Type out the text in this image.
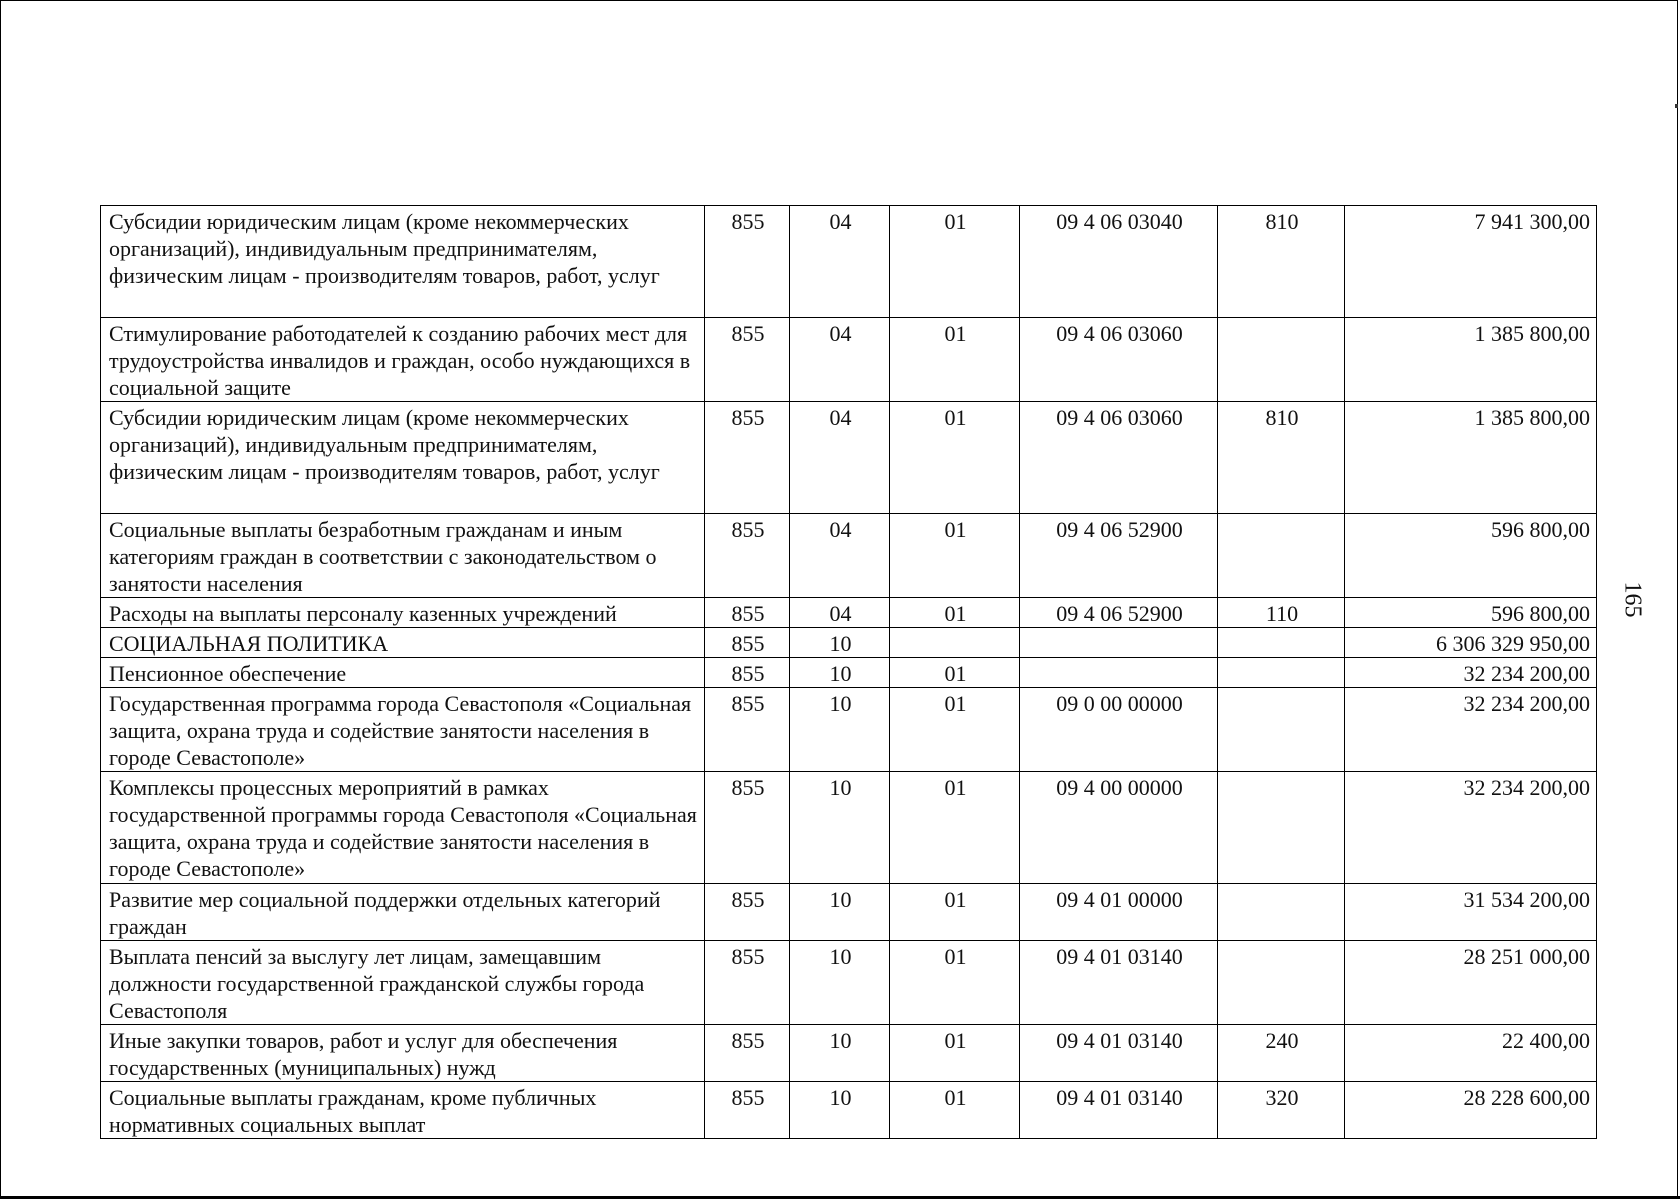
Субсидии юридическим лицам (кроме некоммерческих организаций), индивидуальным предпринимателям, физическим лицам - производителям товаров, работ, услуг	855	04	01	09 4 06 03040	810	7 941 300,00
Стимулирование работодателей к созданию рабочих мест для трудоустройства инвалидов и граждан, особо нуждающихся в социальной защите	855	04	01	09 4 06 03060		1 385 800,00
Субсидии юридическим лицам (кроме некоммерческих организаций), индивидуальным предпринимателям, физическим лицам - производителям товаров, работ, услуг	855	04	01	09 4 06 03060	810	1 385 800,00
Социальные выплаты безработным гражданам и иным категориям граждан в соответствии с законодательством о занятости населения	855	04	01	09 4 06 52900		596 800,00
Расходы на выплаты персоналу казенных учреждений	855	04	01	09 4 06 52900	110	596 800,00
СОЦИАЛЬНАЯ ПОЛИТИКА	855	10				6 306 329 950,00
Пенсионное обеспечение	855	10	01			32 234 200,00
Государственная программа города Севастополя «Социальная защита, охрана труда и содействие занятости населения в городе Севастополе»	855	10	01	09 0 00 00000		32 234 200,00
Комплексы процессных мероприятий в рамках государственной программы города Севастополя «Социальная защита, охрана труда и содействие занятости населения в городе Севастополе»	855	10	01	09 4 00 00000		32 234 200,00
Развитие мер социальной поддержки отдельных категорий граждан	855	10	01	09 4 01 00000		31 534 200,00
Выплата пенсий за выслугу лет лицам, замещавшим должности государственной гражданской службы города Севастополя	855	10	01	09 4 01 03140		28 251 000,00
Иные закупки товаров, работ и услуг для обеспечения государственных (муниципальных) нужд	855	10	01	09 4 01 03140	240	22 400,00
Социальные выплаты гражданам, кроме публичных нормативных социальных выплат	855	10	01	09 4 01 03140	320	28 228 600,00
165
